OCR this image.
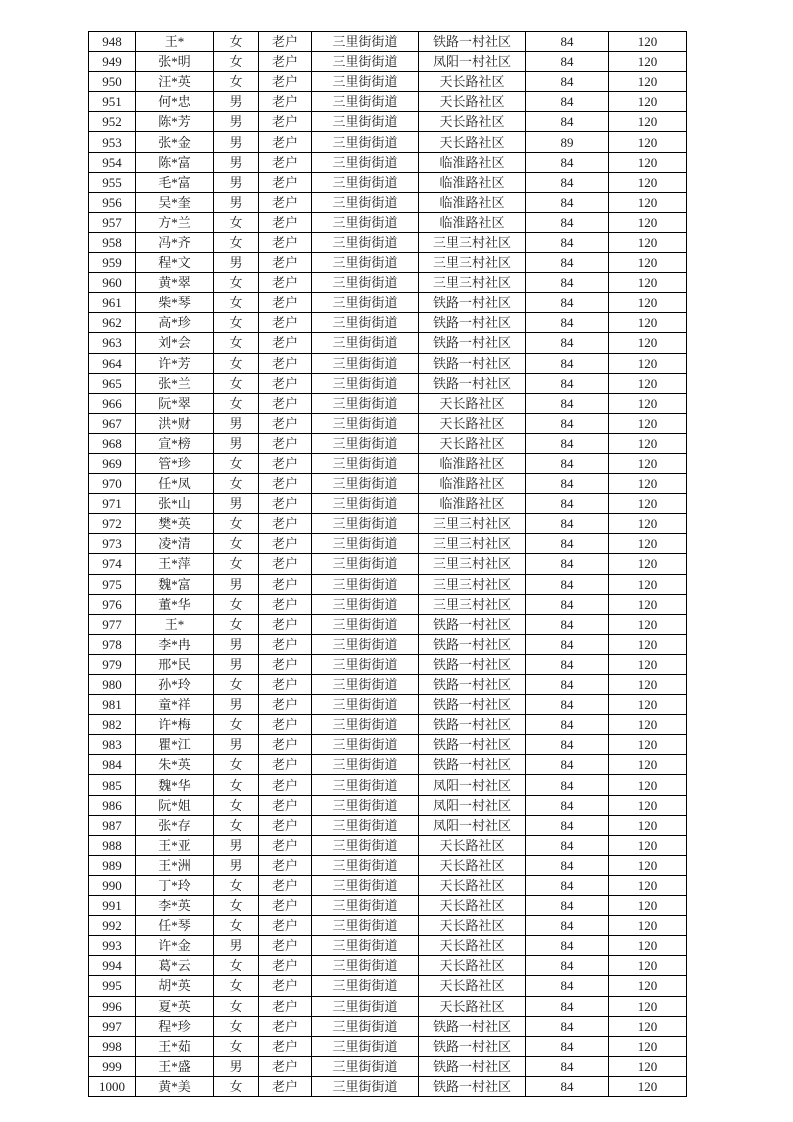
948	王*	女	老户	三里街街道	铁路一村社区	84	120
949	张*明	女	老户	三里街街道	凤阳一村社区	84	120
950	汪*英	女	老户	三里街街道	天长路社区	84	120
951	何*忠	男	老户	三里街街道	天长路社区	84	120
952	陈*芳	男	老户	三里街街道	天长路社区	84	120
953	张*金	男	老户	三里街街道	天长路社区	89	120
954	陈*富	男	老户	三里街街道	临淮路社区	84	120
955	毛*富	男	老户	三里街街道	临淮路社区	84	120
956	吴*奎	男	老户	三里街街道	临淮路社区	84	120
957	方*兰	女	老户	三里街街道	临淮路社区	84	120
958	冯*齐	女	老户	三里街街道	三里三村社区	84	120
959	程*文	男	老户	三里街街道	三里三村社区	84	120
960	黄*翠	女	老户	三里街街道	三里三村社区	84	120
961	柴*琴	女	老户	三里街街道	铁路一村社区	84	120
962	高*珍	女	老户	三里街街道	铁路一村社区	84	120
963	刘*会	女	老户	三里街街道	铁路一村社区	84	120
964	许*芳	女	老户	三里街街道	铁路一村社区	84	120
965	张*兰	女	老户	三里街街道	铁路一村社区	84	120
966	阮*翠	女	老户	三里街街道	天长路社区	84	120
967	洪*财	男	老户	三里街街道	天长路社区	84	120
968	宣*榜	男	老户	三里街街道	天长路社区	84	120
969	管*珍	女	老户	三里街街道	临淮路社区	84	120
970	任*凤	女	老户	三里街街道	临淮路社区	84	120
971	张*山	男	老户	三里街街道	临淮路社区	84	120
972	樊*英	女	老户	三里街街道	三里三村社区	84	120
973	凌*清	女	老户	三里街街道	三里三村社区	84	120
974	王*萍	女	老户	三里街街道	三里三村社区	84	120
975	魏*富	男	老户	三里街街道	三里三村社区	84	120
976	董*华	女	老户	三里街街道	三里三村社区	84	120
977	王*	女	老户	三里街街道	铁路一村社区	84	120
978	李*冉	男	老户	三里街街道	铁路一村社区	84	120
979	邢*民	男	老户	三里街街道	铁路一村社区	84	120
980	孙*玲	女	老户	三里街街道	铁路一村社区	84	120
981	童*祥	男	老户	三里街街道	铁路一村社区	84	120
982	许*梅	女	老户	三里街街道	铁路一村社区	84	120
983	瞿*江	男	老户	三里街街道	铁路一村社区	84	120
984	朱*英	女	老户	三里街街道	铁路一村社区	84	120
985	魏*华	女	老户	三里街街道	凤阳一村社区	84	120
986	阮*姐	女	老户	三里街街道	凤阳一村社区	84	120
987	张*存	女	老户	三里街街道	凤阳一村社区	84	120
988	王*亚	男	老户	三里街街道	天长路社区	84	120
989	王*洲	男	老户	三里街街道	天长路社区	84	120
990	丁*玲	女	老户	三里街街道	天长路社区	84	120
991	李*英	女	老户	三里街街道	天长路社区	84	120
992	任*琴	女	老户	三里街街道	天长路社区	84	120
993	许*金	男	老户	三里街街道	天长路社区	84	120
994	葛*云	女	老户	三里街街道	天长路社区	84	120
995	胡*英	女	老户	三里街街道	天长路社区	84	120
996	夏*英	女	老户	三里街街道	天长路社区	84	120
997	程*珍	女	老户	三里街街道	铁路一村社区	84	120
998	王*茹	女	老户	三里街街道	铁路一村社区	84	120
999	王*盛	男	老户	三里街街道	铁路一村社区	84	120
1000	黄*美	女	老户	三里街街道	铁路一村社区	84	120
